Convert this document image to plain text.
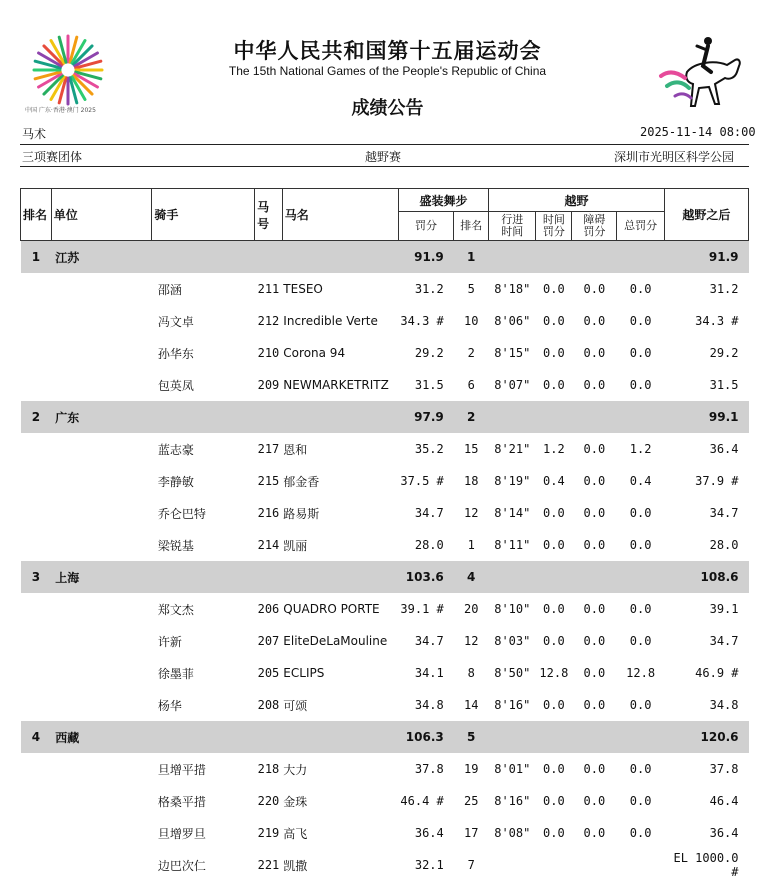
中国 广东·香港·澳门 2025
中华人民共和国第十五届运动会
The 15th National Games of the People's Republic of China
成绩公告
马术	2025-11-14 08:00
三项赛团体	越野赛	深圳市光明区科学公园
排名	单位	骑手	马号	马名	盛装舞步		越野				越野之后
					罚分	排名	行进
时间	时间
罚分	障碍
罚分	总罚分	
1	江苏				91.9	1					91.9
		邵涵	211	TESEO	31.2	5	8'18"	0.0	0.0	0.0	31.2
		冯文卓	212	Incredible Verte	34.3 #	10	8'06"	0.0	0.0	0.0	34.3 #
		孙华东	210	Corona 94	29.2	2	8'15"	0.0	0.0	0.0	29.2
		包英凤	209	NEWMARKETRITZ	31.5	6	8'07"	0.0	0.0	0.0	31.5
2	广东				97.9	2					99.1
		蓝志豪	217	恩和	35.2	15	8'21"	1.2	0.0	1.2	36.4
		李静敏	215	郁金香	37.5 #	18	8'19"	0.4	0.0	0.4	37.9 #
		乔仑巴特	216	路易斯	34.7	12	8'14"	0.0	0.0	0.0	34.7
		梁锐基	214	凯丽	28.0	1	8'11"	0.0	0.0	0.0	28.0
3	上海				103.6	4					108.6
		郑文杰	206	QUADRO PORTE	39.1 #	20	8'10"	0.0	0.0	0.0	39.1
		许新	207	EliteDeLaMouline	34.7	12	8'03"	0.0	0.0	0.0	34.7
		徐墨菲	205	ECLIPS	34.1	8	8'50"	12.8	0.0	12.8	46.9 #
		杨华	208	可颂	34.8	14	8'16"	0.0	0.0	0.0	34.8
4	西藏				106.3	5					120.6
		旦增平措	218	大力	37.8	19	8'01"	0.0	0.0	0.0	37.8
		格桑平措	220	金珠	46.4 #	25	8'16"	0.0	0.0	0.0	46.4
		旦增罗旦	219	高飞	36.4	17	8'08"	0.0	0.0	0.0	36.4
		边巴次仁	221	凯撒	32.1	7					EL 1000.0 #
